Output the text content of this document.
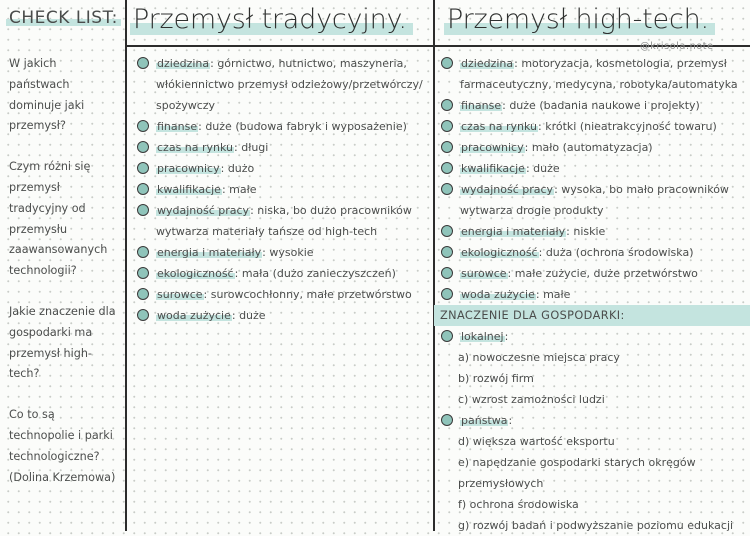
CHECK LIST:
W jakich państwach dominuje jaki przemysł?
Czym różni się przemysł tradycyjny od przemysłu zaawansowanych technologii?
Jakie znaczenie dla gospodarki ma przemysł high-tech?
Co to są technopolie i parki technologiczne? (Dolina Krzemowa)
Przemysł tradycyjny. Przemysł high-tech.
@krisola.note
dziedzina: górnictwo, hutnictwo, maszyneria, włókiennictwo przemysł odzieżowy/przetwórczy/ spożywczy
finanse: duże (budowa fabryk i wyposażenie)
czas na rynku: długi
pracownicy: dużo
kwalifikacje: małe
wydajność pracy: niska, bo dużo pracowników wytwarza materiały tańsze od high-tech
energia i materiały: wysokie
ekologiczność: mała (dużo zanieczyszczeń)
surowce: surowcochłonny, małe przetwórstwo
woda zużycie: duże
dziedzina: motoryzacja, kosmetologia, przemysł farmaceutyczny, medycyna, robotyka/automatyka
finanse: duże (badania naukowe i projekty)
czas na rynku: krótki (nieatrakcyjność towaru)
pracownicy: mało (automatyzacja)
kwalifikacje: duże
wydajność pracy: wysoka, bo mało pracowników wytwarza drogie produkty
energia i materiały: niskie
ekologiczność: duża (ochrona środowiska)
surowce: małe zużycie, duże przetwórstwo
woda zużycie: małe
ZNACZENIE DLA GOSPODARKI:
lokalnej:
a) nowoczesne miejsca pracy
b) rozwój firm
c) wzrost zamożności ludzi
państwa:
d) większa wartość eksportu
e) napędzanie gospodarki starych okręgów przemysłowych
f) ochrona środowiska
g) rozwój badań i podwyższanie poziomu edukacji
